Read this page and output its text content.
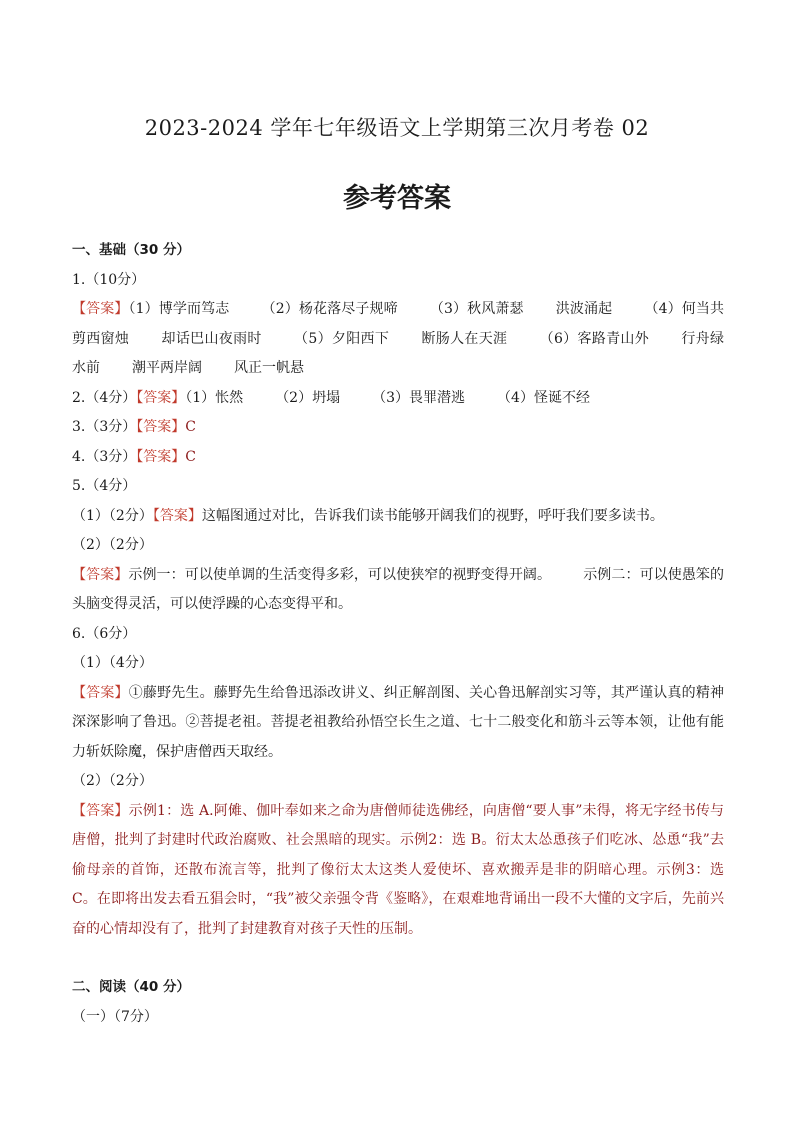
2023-2024 学年七年级语文上学期第三次月考卷 02
参考答案
一、基础（30 分）
1.（10分）
【答案】（1）博学而笃志 （2）杨花落尽子规啼 （3）秋风萧瑟 洪波涌起 （4）何当共剪西窗烛 却话巴山夜雨时 （5）夕阳西下 断肠人在天涯 （6）客路青山外 行舟绿水前 潮平两岸阔 风正一帆悬
2.（4分）【答案】（1）怅然 （2）坍塌 （3）畏罪潜逃 （4）怪诞不经
3.（3分）【答案】C
4.（3分）【答案】C
5.（4分）
（1）（2分）【答案】这幅图通过对比，告诉我们读书能够开阔我们的视野，呼吁我们要多读书。
（2）（2分）
【答案】示例一：可以使单调的生活变得多彩，可以使狭窄的视野变得开阔。 示例二：可以使愚笨的头脑变得灵活，可以使浮躁的心态变得平和。
6.（6分）
（1）（4分）
【答案】①藤野先生。藤野先生给鲁迅添改讲义、纠正解剖图、关心鲁迅解剖实习等，其严谨认真的精神深深影响了鲁迅。②菩提老祖。菩提老祖教给孙悟空长生之道、七十二般变化和筋斗云等本领，让他有能力斩妖除魔，保护唐僧西天取经。
（2）（2分）
【答案】示例1：选 A.阿傩、伽叶奉如来之命为唐僧师徒选佛经，向唐僧“要人事”未得，将无字经书传与唐僧，批判了封建时代政治腐败、社会黑暗的现实。示例2：选 B。衍太太怂恿孩子们吃冰、怂恿“我”去偷母亲的首饰，还散布流言等，批判了像衍太太这类人爱使坏、喜欢搬弄是非的阴暗心理。示例3：选 C。在即将出发去看五猖会时，“我”被父亲强令背《鉴略》，在艰难地背诵出一段不大懂的文字后，先前兴奋的心情却没有了，批判了封建教育对孩子天性的压制。
二、阅读（40 分）
（一）（7分）
